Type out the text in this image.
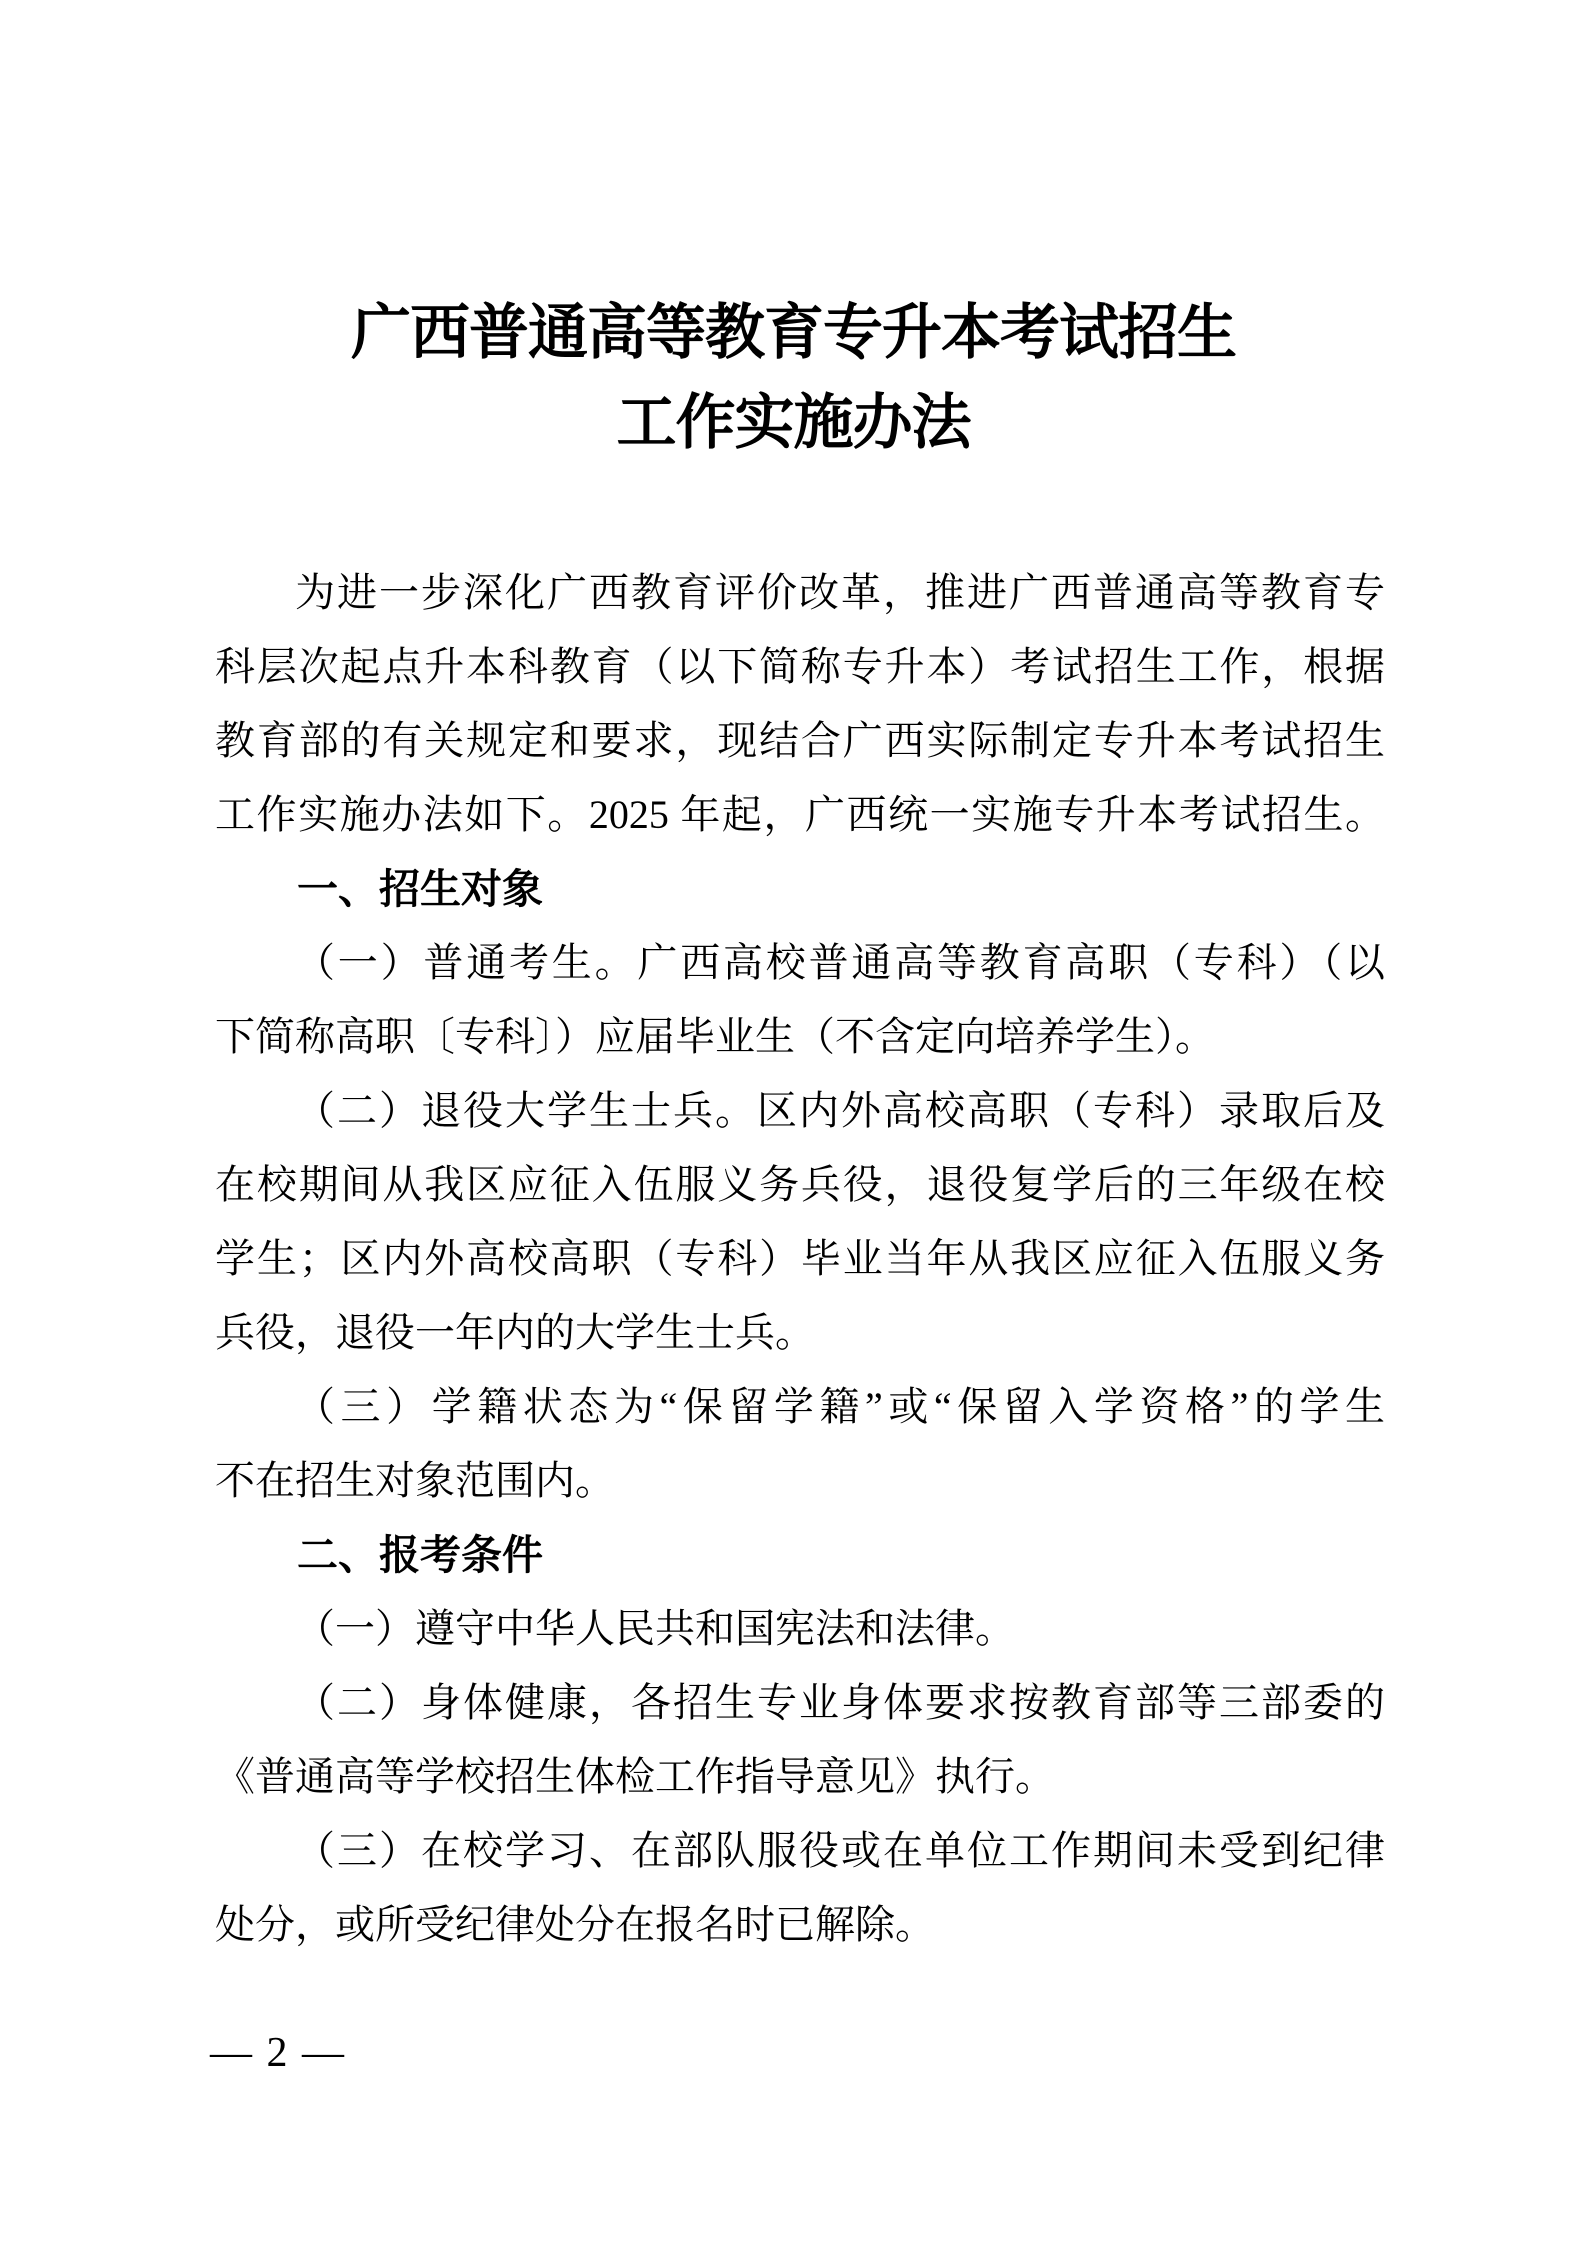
广西普通高等教育专升本考试招生
工作实施办法
为进一步深化广西教育评价改革，推进广西普通高等教育专
科层次起点升本科教育（以下简称专升本）考试招生工作，根据
教育部的有关规定和要求，现结合广西实际制定专升本考试招生
工作实施办法如下。2025 年起，广西统一实施专升本考试招生。
一、招生对象
（一）普通考生。广西高校普通高等教育高职（专科）（以
下简称高职〔专科〕）应届毕业生（不含定向培养学生）。
（二）退役大学生士兵。区内外高校高职（专科）录取后及
在校期间从我区应征入伍服义务兵役，退役复学后的三年级在校
学生；区内外高校高职（专科）毕业当年从我区应征入伍服义务
兵役，退役一年内的大学生士兵。
（三）学籍状态为“保留学籍”或“保留入学资格”的学生
不在招生对象范围内。
二、报考条件
（一）遵守中华人民共和国宪法和法律。
（二）身体健康，各招生专业身体要求按教育部等三部委的
《普通高等学校招生体检工作指导意见》执行。
（三）在校学习、在部队服役或在单位工作期间未受到纪律
处分，或所受纪律处分在报名时已解除。
— 2 —
